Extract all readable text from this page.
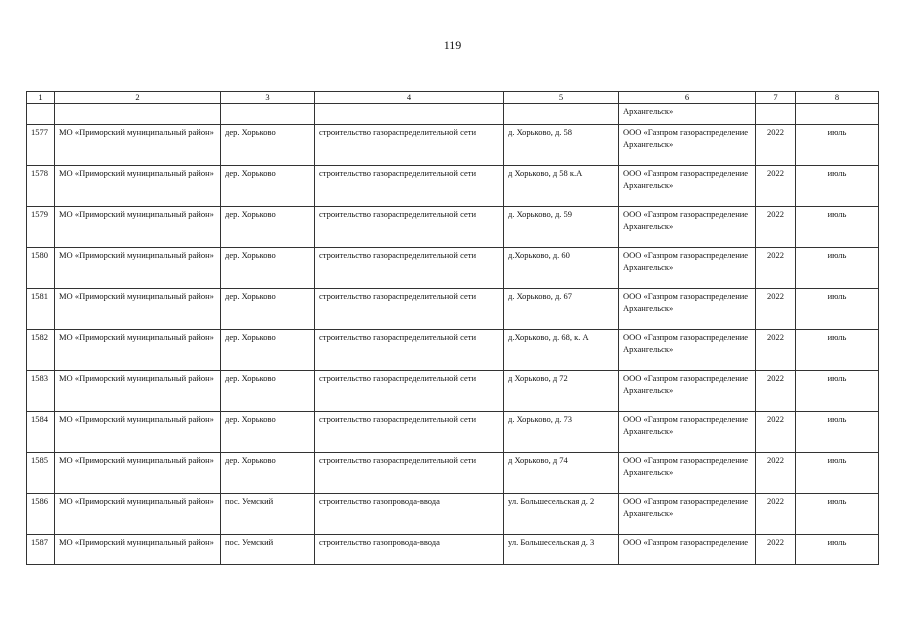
119
1	2	3	4	5	6	7	8
					Архангельск»		
1577	МО «Приморский муниципальный район»	дер. Хорьково	строительство газораспределительной сети	д. Хорьково, д. 58	ООО «Газпром газораспределение Архангельск»	2022	июль
1578	МО «Приморский муниципальный район»	дер. Хорьково	строительство газораспределительной сети	д Хорьково, д 58 к.А	ООО «Газпром газораспределение Архангельск»	2022	июль
1579	МО «Приморский муниципальный район»	дер. Хорьково	строительство газораспределительной сети	д. Хорьково, д. 59	ООО «Газпром газораспределение Архангельск»	2022	июль
1580	МО «Приморский муниципальный район»	дер. Хорьково	строительство газораспределительной сети	д.Хорьково, д. 60	ООО «Газпром газораспределение Архангельск»	2022	июль
1581	МО «Приморский муниципальный район»	дер. Хорьково	строительство газораспределительной сети	д. Хорьково, д. 67	ООО «Газпром газораспределение Архангельск»	2022	июль
1582	МО «Приморский муниципальный район»	дер. Хорьково	строительство газораспределительной сети	д.Хорьково, д. 68, к. А	ООО «Газпром газораспределение Архангельск»	2022	июль
1583	МО «Приморский муниципальный район»	дер. Хорьково	строительство газораспределительной сети	д Хорьково, д 72	ООО «Газпром газораспределение Архангельск»	2022	июль
1584	МО «Приморский муниципальный район»	дер. Хорьково	строительство газораспределительной сети	д. Хорьково, д. 73	ООО «Газпром газораспределение Архангельск»	2022	июль
1585	МО «Приморский муниципальный район»	дер. Хорьково	строительство газораспределительной сети	д Хорьково, д 74	ООО «Газпром газораспределение Архангельск»	2022	июль
1586	МО «Приморский муниципальный район»	пос. Уемский	строительство газопровода-ввода	ул. Большесельская д. 2	ООО «Газпром газораспределение Архангельск»	2022	июль
1587	МО «Приморский муниципальный район»	пос. Уемский	строительство газопровода-ввода	ул. Большесельская д. 3	ООО «Газпром газораспределение	2022	июль
